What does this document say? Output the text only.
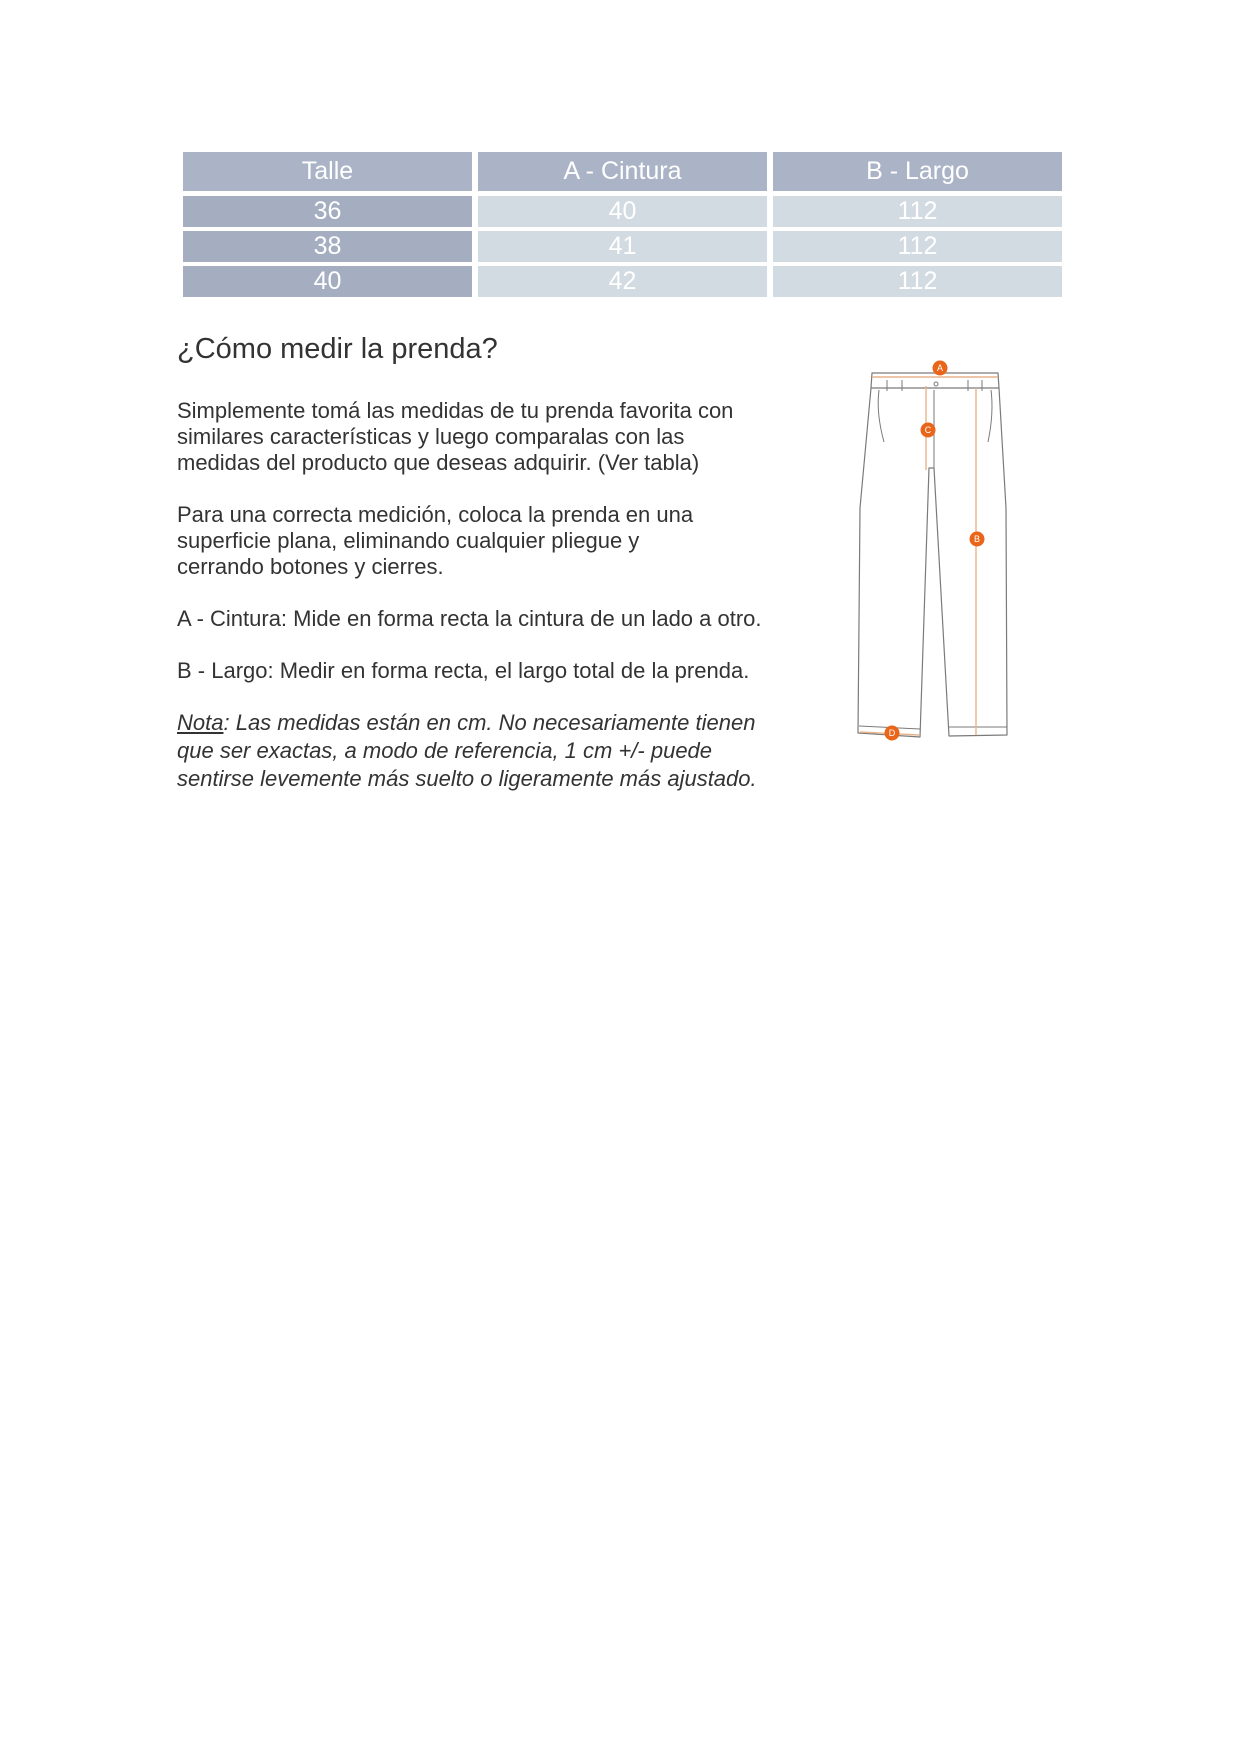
Talle	A - Cintura	B - Largo
36	40	112
38	41	112
40	42	112
¿Cómo medir la prenda?

Simplemente tomá las medidas de tu prenda favorita con
similares características y luego comparalas con las
medidas del producto que deseas adquirir. (Ver tabla)

Para una correcta medición, coloca la prenda en una
superficie plana, eliminando cualquier pliegue y
cerrando botones y cierres.

A - Cintura: Mide en forma recta la cintura de un lado a otro.

B - Largo: Medir en forma recta, el largo total de la prenda.

Nota: Las medidas están en cm. No necesariamente tienen
que ser exactas, a modo de referencia, 1 cm +/- puede
sentirse levemente más suelto o ligeramente más ajustado.

A
C
B
D
